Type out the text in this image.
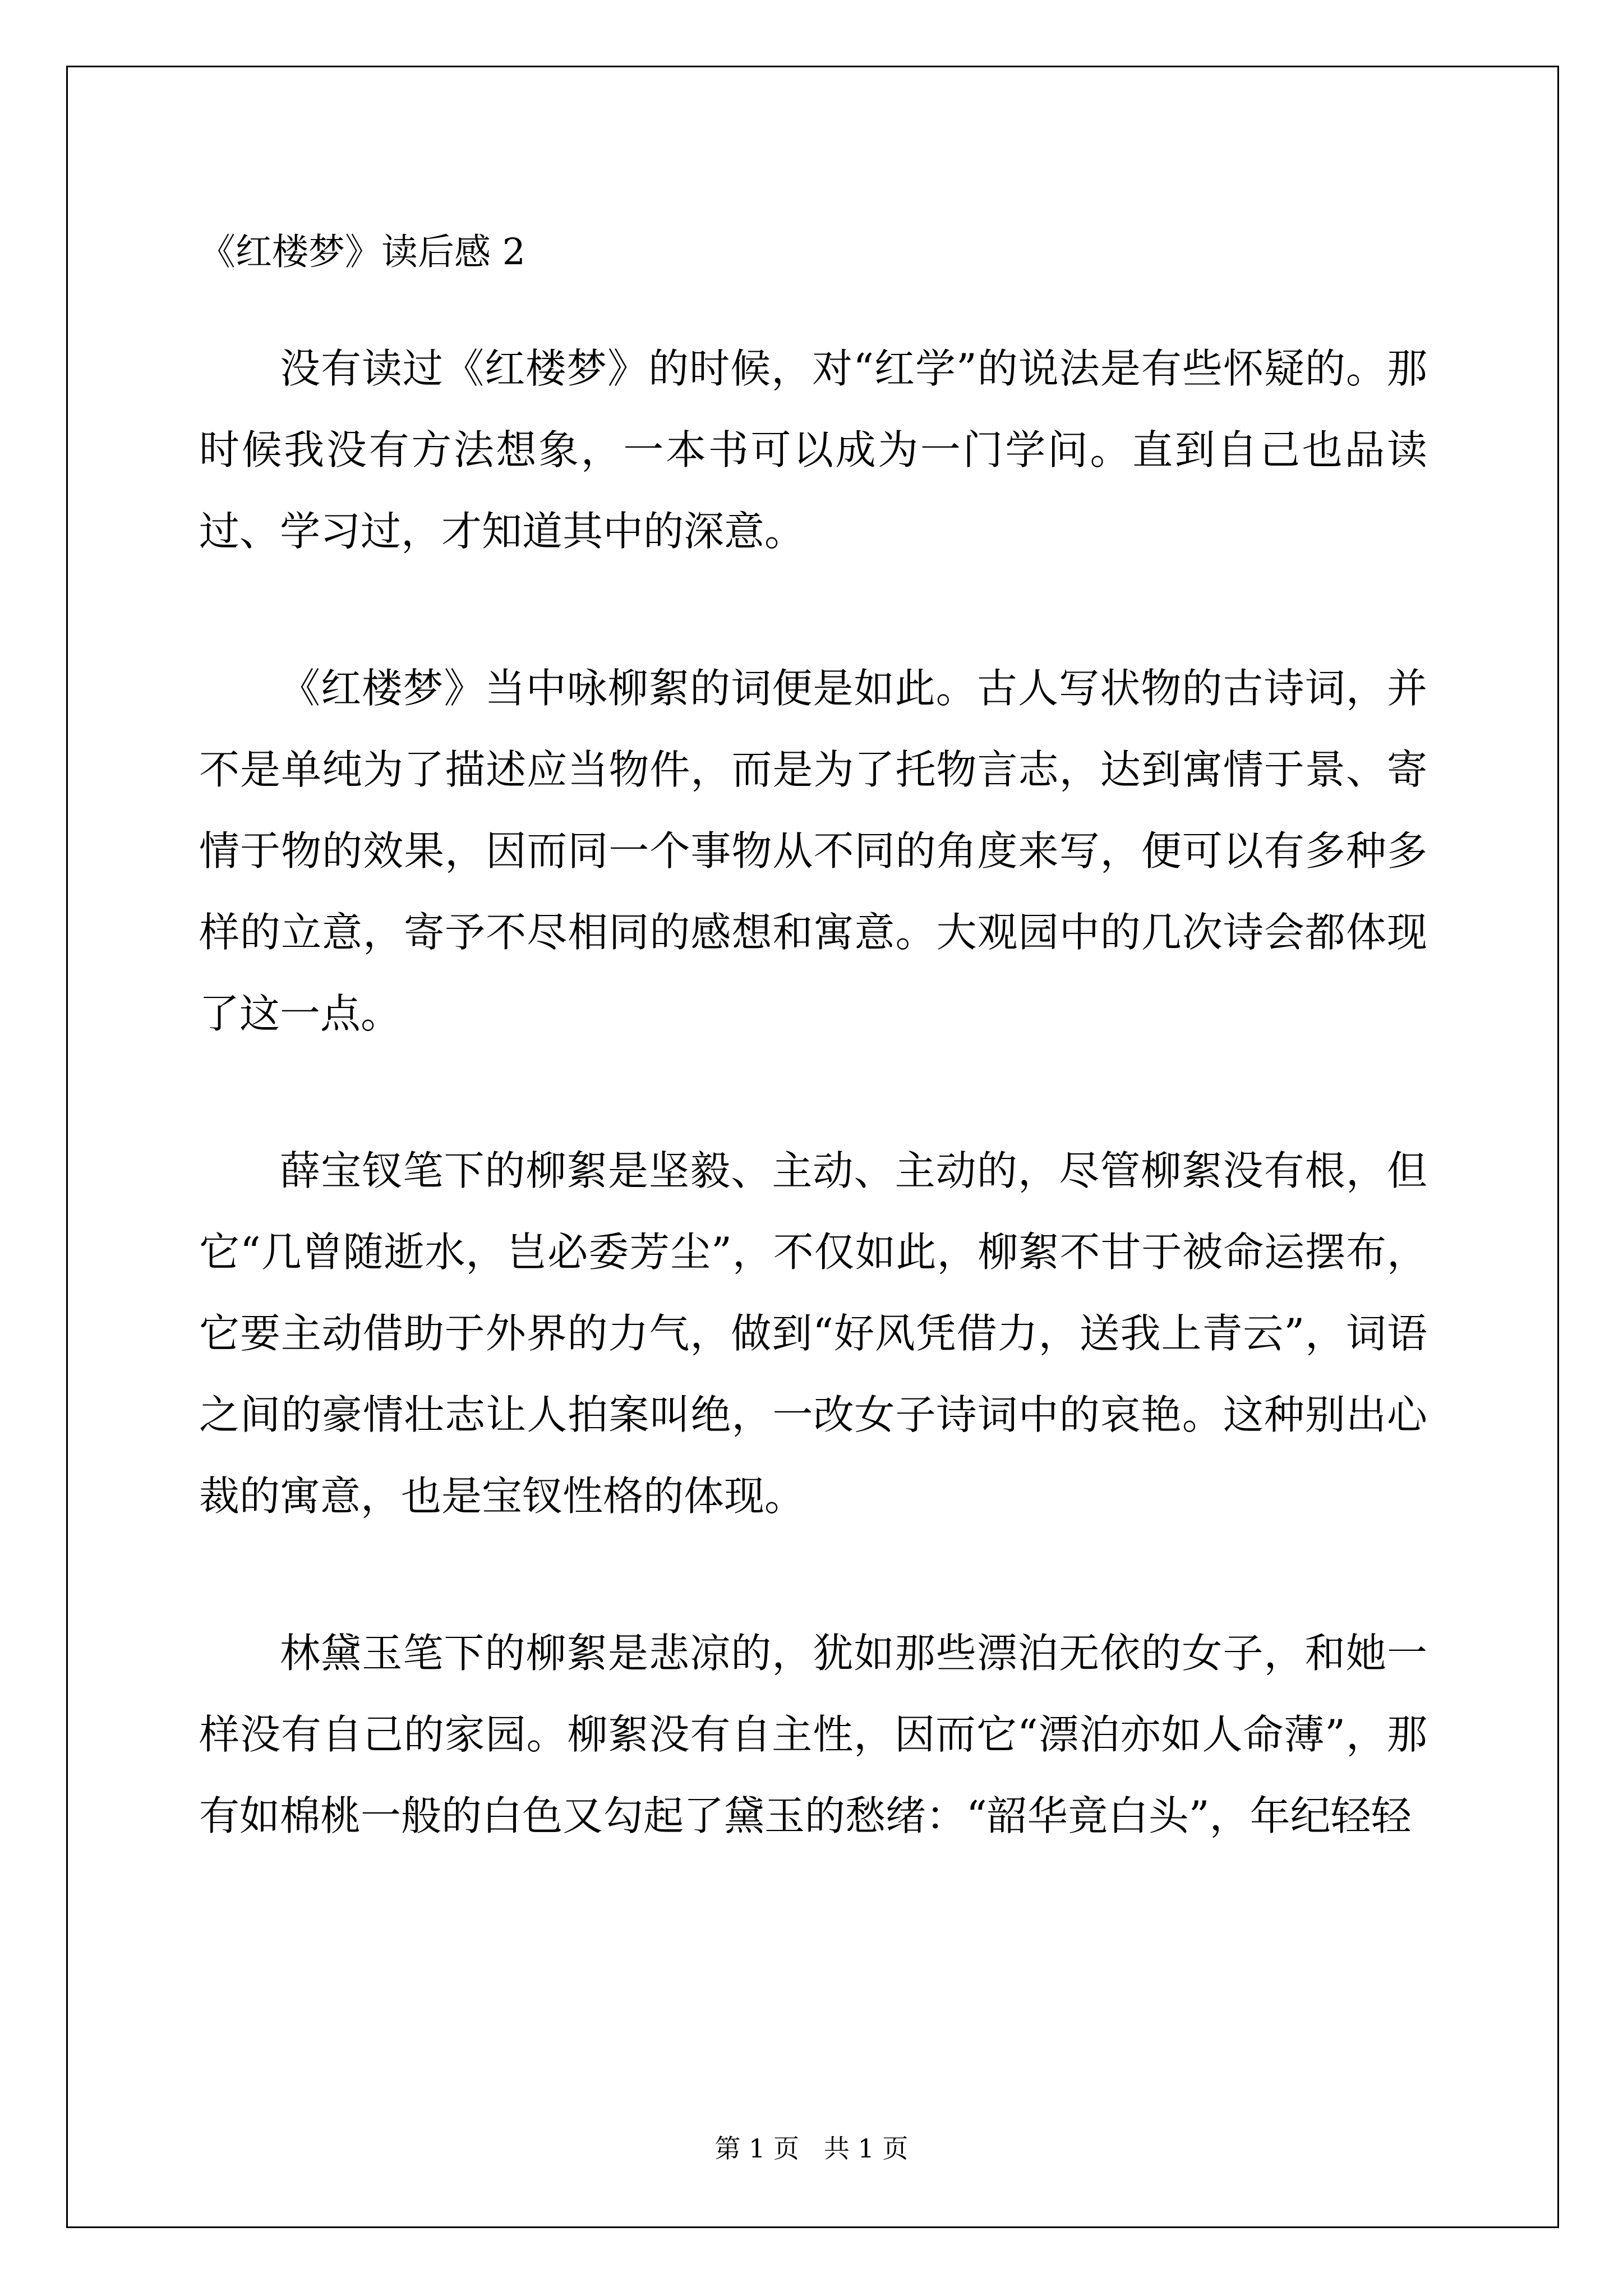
《红楼梦》读后感 2

没有读过《红楼梦》的时候，对“红学”的说法是有些怀疑的。那时候我没有方法想象，一本书可以成为一门学问。直到自己也品读过、学习过，才知道其中的深意。

《红楼梦》当中咏柳絮的词便是如此。古人写状物的古诗词，并不是单纯为了描述应当物件，而是为了托物言志，达到寓情于景、寄情于物的效果，因而同一个事物从不同的角度来写，便可以有多种多样的立意，寄予不尽相同的感想和寓意。大观园中的几次诗会都体现了这一点。

薛宝钗笔下的柳絮是坚毅、主动、主动的，尽管柳絮没有根，但它“几曾随逝水，岂必委芳尘”，不仅如此，柳絮不甘于被命运摆布，它要主动借助于外界的力气，做到“好风凭借力，送我上青云”，词语之间的豪情壮志让人拍案叫绝，一改女子诗词中的哀艳。这种别出心裁的寓意，也是宝钗性格的体现。

林黛玉笔下的柳絮是悲凉的，犹如那些漂泊无依的女子，和她一样没有自己的家园。柳絮没有自主性，因而它“漂泊亦如人命薄”，那有如棉桃一般的白色又勾起了黛玉的愁绪：“韶华竟白头”，年纪轻轻

第 1 页   共 1 页
